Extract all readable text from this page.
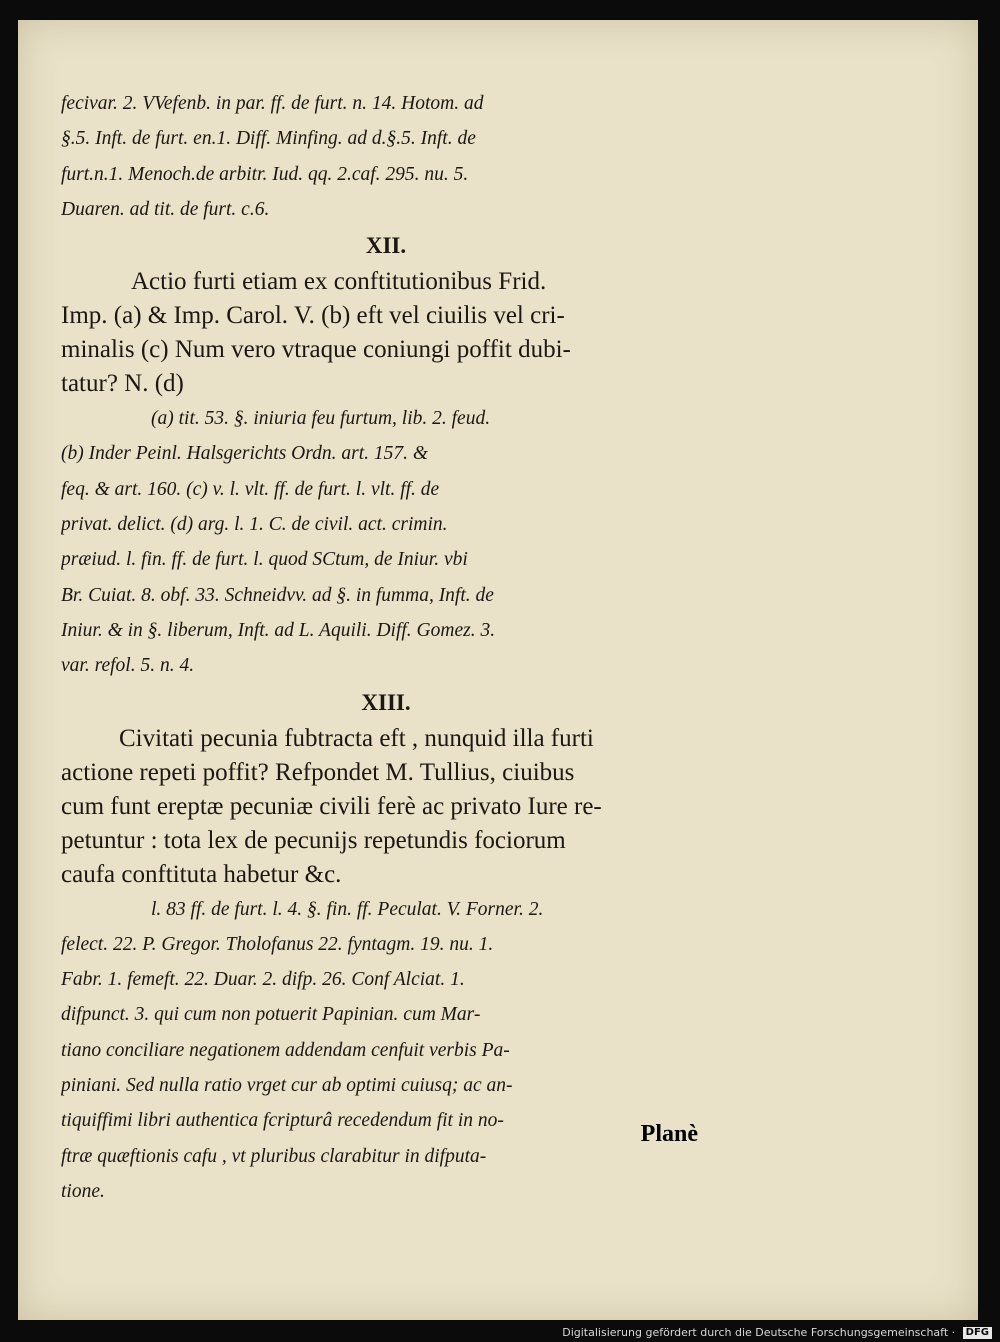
fecivar. 2. VVefenb. in par. ff. de furt. n. 14. Hotom. ad
§.5. Inft. de furt. en.1. Diff. Minfing. ad d.§.5. Inft. de
furt.n.1. Menoch.de arbitr. Iud. qq. 2.caf. 295. nu. 5.
Duaren. ad tit. de furt. c.6.
XII.
Actio furti etiam ex conftitutionibus Frid.
Imp. (a) & Imp. Carol. V. (b) eft vel ciuilis vel cri-
minalis (c) Num vero vtraque coniungi poffit dubi-
tatur? N. (d)
(a) tit. 53. §. iniuria feu furtum, lib. 2. feud.
(b) Inder Peinl. Halsgerichts Ordn. art. 157. &
feq. & art. 160. (c) v. l. vlt. ff. de furt. l. vlt. ff. de
privat. delict. (d) arg. l. 1. C. de civil. act. crimin.
præiud. l. fin. ff. de furt. l. quod SCtum, de Iniur. vbi
Br. Cuiat. 8. obf. 33. Schneidvv. ad §. in fumma, Inft. de
Iniur. & in §. liberum, Inft. ad L. Aquili. Diff. Gomez. 3.
var. refol. 5. n. 4.
XIII.
Civitati pecunia fubtracta eft , nunquid illa furti
actione repeti poffit? Refpondet M. Tullius, ciuibus
cum funt ereptæ pecuniæ civili ferè ac privato Iure re-
petuntur : tota lex de pecunijs repetundis fociorum
caufa conftituta habetur &c.
l. 83 ff. de furt. l. 4. §. fin. ff. Peculat. V. Forner. 2.
felect. 22. P. Gregor. Tholofanus 22. fyntagm. 19. nu. 1.
Fabr. 1. femeft. 22. Duar. 2. difp. 26. Conf Alciat. 1.
difpunct. 3. qui cum non potuerit Papinian. cum Mar-
tiano conciliare negationem addendam cenfuit verbis Pa-
piniani. Sed nulla ratio vrget cur ab optimi cuiusq; ac an-
tiquiffimi libri authentica fcripturâ recedendum fit in no-
ftræ quæftionis cafu , vt pluribus clarabitur in difputa-
tione.
Planè
Digitalisierung gefördert durch die Deutsche Forschungsgemeinschaft · DFG
